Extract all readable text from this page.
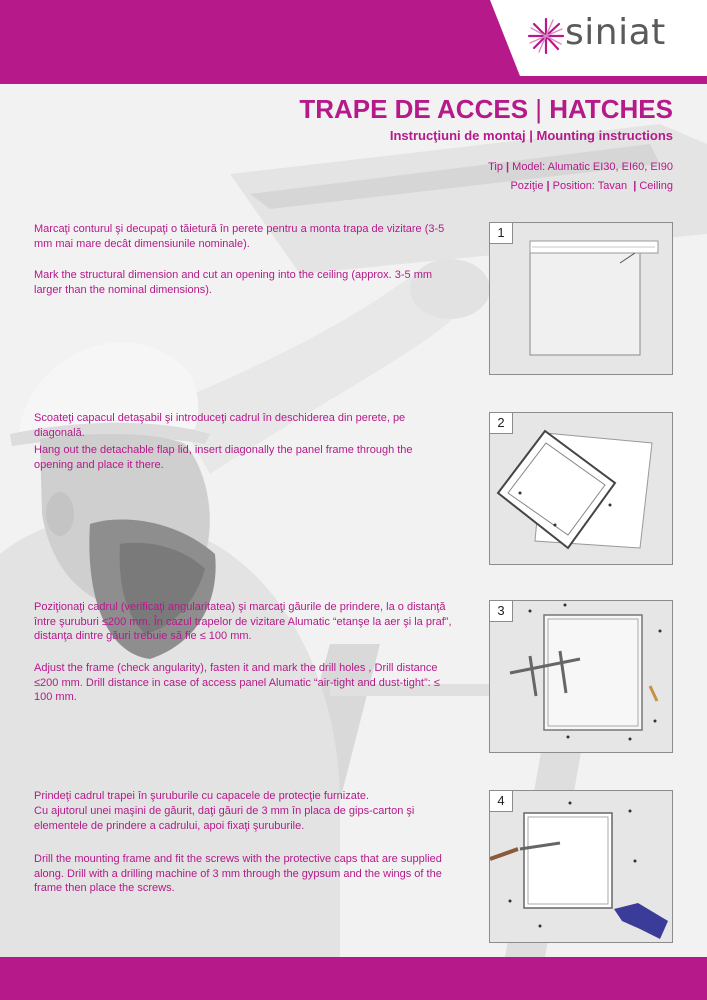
siniat
TRAPE DE ACCES | HATCHES
Instrucţiuni de montaj | Mounting instructions
Tip | Model: Alumatic EI30, EI60, EI90
Poziţie | Position: Tavan | Ceiling

Marcaţi conturul şi decupaţi o tăietură în perete pentru a monta trapa de vizitare (3-5 mm mai mare decât dimensiunile nominale).

Mark the structural dimension and cut an opening into the ceiling (approx. 3-5 mm larger than the nominal dimensions).

Scoateţi capacul detaşabil şi introduceţi cadrul în deschiderea din perete, pe diagonală.

Hang out the detachable flap lid, insert diagonally the panel frame through the opening and place it there.

Poziţionaţi cadrul (verificaţi angularitatea) şi marcaţi găurile de prindere, la o distanţă între şuruburi ≤200 mm. În cazul trapelor de vizitare Alumatic “etanşe la aer şi la praf”, distanţa dintre găuri trebuie să fie ≤ 100 mm.

Adjust the frame (check angularity), fasten it and mark the drill holes , Drill distance ≤200 mm. Drill distance in case of access panel Alumatic “air-tight and dust-tight”: ≤ 100 mm.

Prindeţi cadrul trapei în şuruburile cu capacele de protecţie furnizate.

Cu ajutorul unei maşini de găurit, daţi găuri de 3 mm în placa de gips-carton şi elementele de prindere a cadrului, apoi fixaţi şuruburile.

Drill the mounting frame and fit the screws with the protective caps that are supplied along. Drill with a drilling machine of 3 mm through the gypsum and the wings of the frame then place the screws.

1
2
3
4
